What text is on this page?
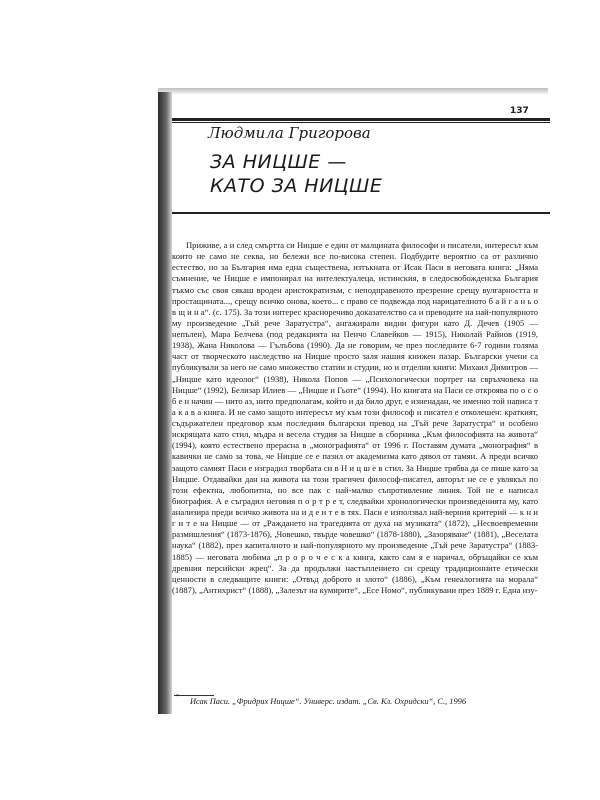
137
Людмила Григорова
ЗА НИЦШЕ —
КАТО ЗА НИЦШЕ

Приживе, а и след смъртта си Ницше е един от малцината философи и писатели, интересът към които не само не секва, но бележи все по-висока степен. Подбудите вероятно са от различно естество, но за България има една съществена, изтъкната от Исак Паси в неговата книга: „Няма съмнение, че Ницше е импонирал на интелектуалеца, истинския, в следосвобожденска България тъкмо със своя сякаш вроден аристократизъм, с неподправеното презрение срещу вулгарността и простащината..., срещу всичко онова, което... с право се подвежда под нарицателното б а й г а н ь о в щ и н а“. (с. 175). За този интерес красноречиво доказателство са и преводите на най-популярното му произведение „Тъй рече Заратустра“, ангажирали видни фигури като Д. Дечев (1905 — непълен), Мара Белчева (под редакцията на Пенчо Славейков — 1915), Николай Райнов (1919, 1938), Жана Николова — Гълъбова (1990). Да не говорим, че през последните 6-7 години голяма част от творческото наследство на Ницше просто заля нашия книжен пазар. Български учени са публикували за него не само множество статии и студии, но и отделни книги: Михаил Димитров — „Ницше като идеолог“ (1938), Никола Попов — „Психологически портрет на свръхчовека на Ницше“ (1992), Белизар Илиев — „Ницше и Гьоте“ (1994). Но книгата на Паси се откроява по о с о б е н начин — нито аз, нито предполагам, който и да било друг, е изненадан, че именно той написа т а к а в а книга. И не само защото интересът му към този философ и писател е отколешен: краткият, съдържателен предговор към последния български превод на „Тъй рече Заратустра“ и особено искрящата като стил, мъдра и весела студия за Ницше в сборника „Към философията на живота“ (1994), която естествено прерасна в „монографията“ от 1996 г. Поставям думата „монография“ в кавички не само за това, че Ницше се е пазил от академизма като дявол от тамян. А преди всичко защото самият Паси е изградил творбата си в Н и ц ш е в стил. За Ницше трябва да се пише като за Ницше. Отдавайки дан на живота на този трагичен философ-писател, авторът не се е увлякъл по този ефектна, любопитна, но все пак с най-малко съпротивление линия. Той не е написал биография. А е съградил неговия п о р т р е т, следвайки хронологически произведенията му, като анализира преди всичко живота на и д е и т е в тях. Паси е използвал най-верния критерий — к н и г и т е на Ницше — от „Раждането на трагедията от духа на музиката“ (1872), „Несвоевременни размишления“ (1873-1876), „Човешко, твърде човешко“ (1878-1880), „Зазоряване“ (1881), „Веселата наука“ (1882), през капиталното и най-популярното му произведение „Тъй рече Заратустра“ (1883-1885) — неговата любима „п р о р о ч е с к а книга, както сам я е наричал, обръщайки се към древния персийски жрец“. За да продължи настъплението си срещу традиционните етически ценности в следващите книги: „Отвъд доброто и злото“ (1886), „Към генеалогията на морала“ (1887), „Антихрист“ (1888), „Залезът на кумирите“, „Есе Номо“, публикувани през 1889 г. Една изу-

* Исак Паси. „Фридрих Ницше“. Универс. издат. „Св. Кл. Охридски“, С., 1996
